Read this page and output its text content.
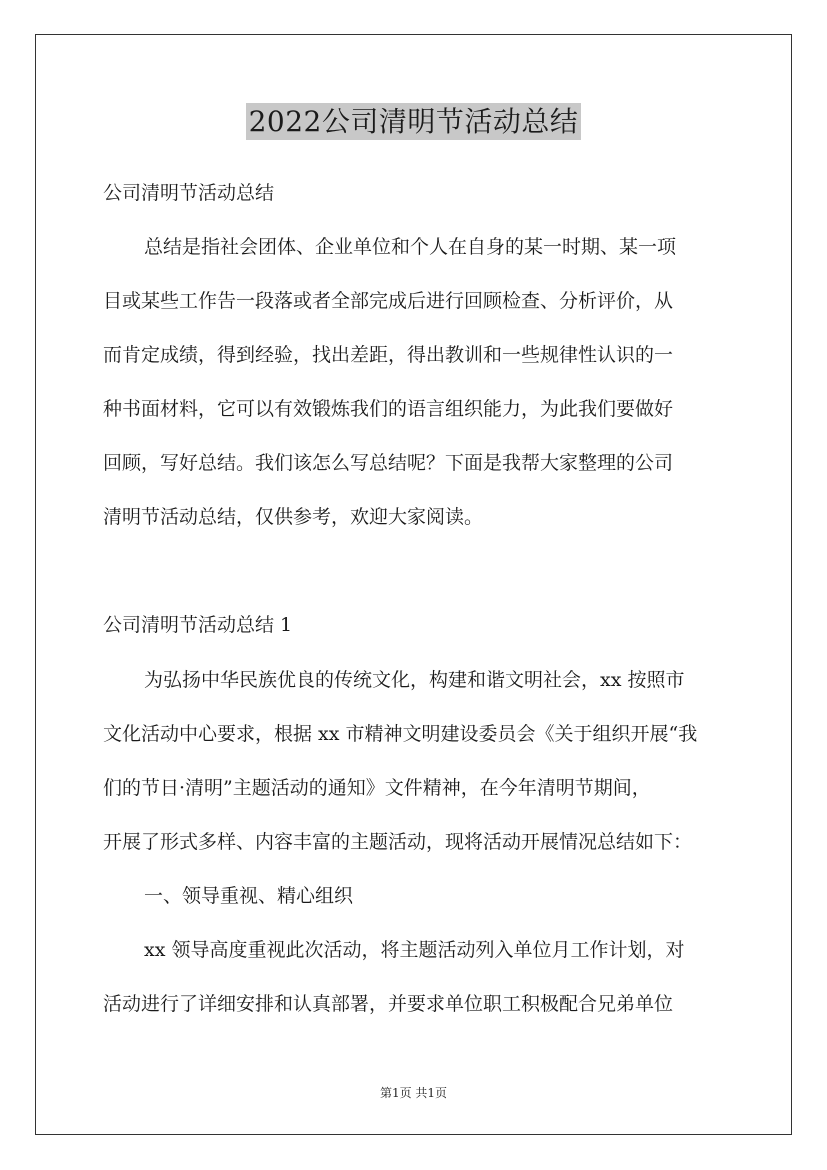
2022公司清明节活动总结
公司清明节活动总结
总结是指社会团体、企业单位和个人在自身的某一时期、某一项
目或某些工作告一段落或者全部完成后进行回顾检查、分析评价，从
而肯定成绩，得到经验，找出差距，得出教训和一些规律性认识的一
种书面材料，它可以有效锻炼我们的语言组织能力，为此我们要做好
回顾，写好总结。我们该怎么写总结呢？下面是我帮大家整理的公司
清明节活动总结，仅供参考，欢迎大家阅读。
公司清明节活动总结 1
为弘扬中华民族优良的传统文化，构建和谐文明社会，xx 按照市
文化活动中心要求，根据 xx 市精神文明建设委员会《关于组织开展“我
们的节日·清明”主题活动的通知》文件精神，在今年清明节期间，
开展了形式多样、内容丰富的主题活动，现将活动开展情况总结如下：
一、领导重视、精心组织
xx 领导高度重视此次活动，将主题活动列入单位月工作计划，对
活动进行了详细安排和认真部署，并要求单位职工积极配合兄弟单位
第1页 共1页
